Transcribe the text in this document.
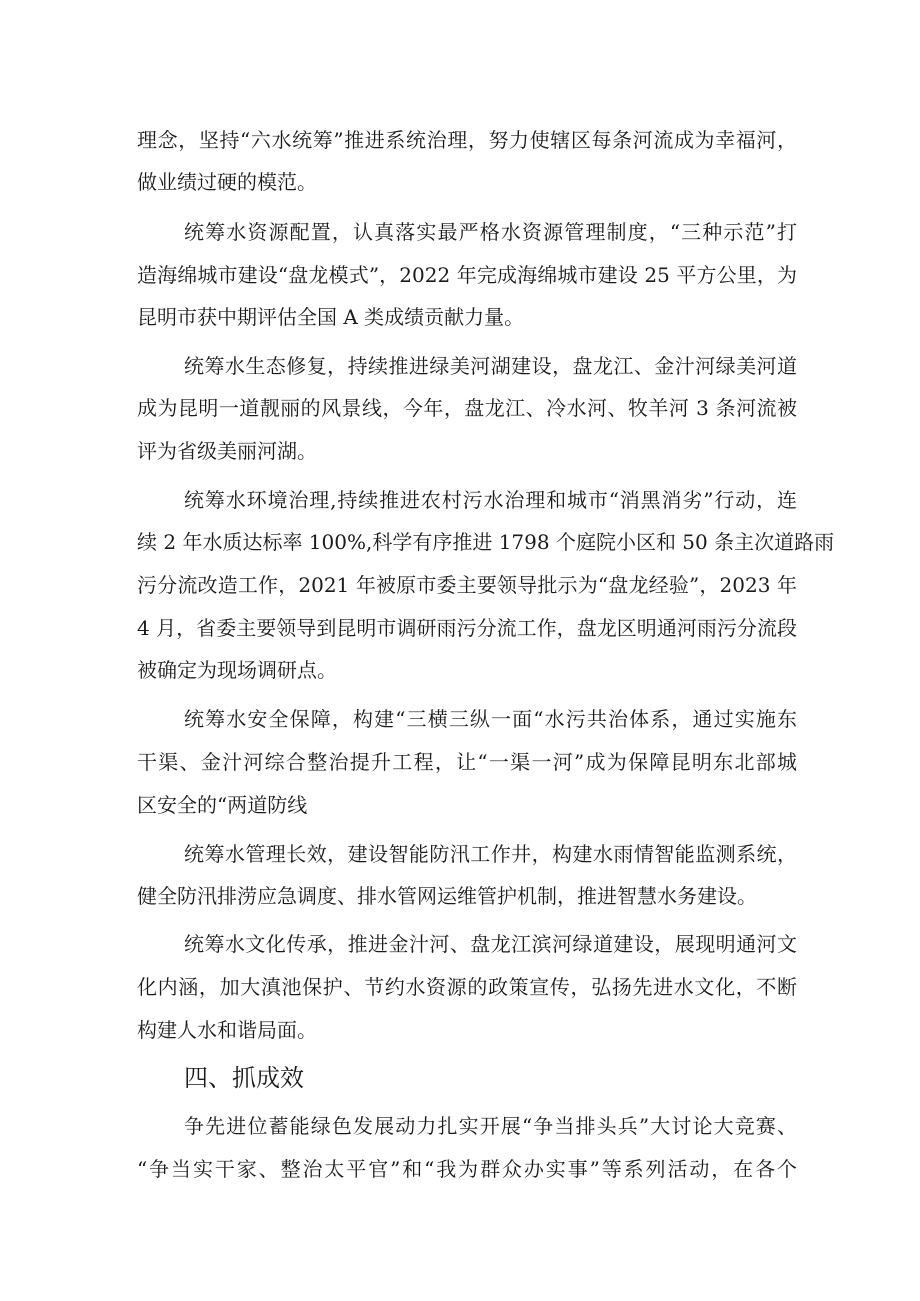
理念，坚持“六水统筹”推进系统治理，努力使辖区每条河流成为幸福河，
做业绩过硬的模范。
统筹水资源配置，认真落实最严格水资源管理制度，“三种示范”打
造海绵城市建设“盘龙模式”，2022 年完成海绵城市建设 25 平方公里，为
昆明市获中期评估全国 A 类成绩贡献力量。
统筹水生态修复，持续推进绿美河湖建设，盘龙江、金汁河绿美河道
成为昆明一道靓丽的风景线，今年，盘龙江、冷水河、牧羊河 3 条河流被
评为省级美丽河湖。
统筹水环境治理,持续推进农村污水治理和城市“消黑消劣”行动，连
续 2 年水质达标率 100%,科学有序推进 1798 个庭院小区和 50 条主次道路雨
污分流改造工作，2021 年被原市委主要领导批示为“盘龙经验”，2023 年
4 月，省委主要领导到昆明市调研雨污分流工作，盘龙区明通河雨污分流段
被确定为现场调研点。
统筹水安全保障，构建“三横三纵一面“水污共治体系，通过实施东
干渠、金汁河综合整治提升工程，让“一渠一河”成为保障昆明东北部城
区安全的“两道防线
统筹水管理长效，建设智能防汛工作井，构建水雨情智能监测系统，
健全防汛排涝应急调度、排水管网运维管护机制，推进智慧水务建设。
统筹水文化传承，推进金汁河、盘龙江滨河绿道建设，展现明通河文
化内涵，加大滇池保护、节约水资源的政策宣传，弘扬先进水文化，不断
构建人水和谐局面。
四、抓成效
争先进位蓄能绿色发展动力扎实开展“争当排头兵”大讨论大竞赛、
“争当实干家、整治太平官”和“我为群众办实事”等系列活动，在各个
